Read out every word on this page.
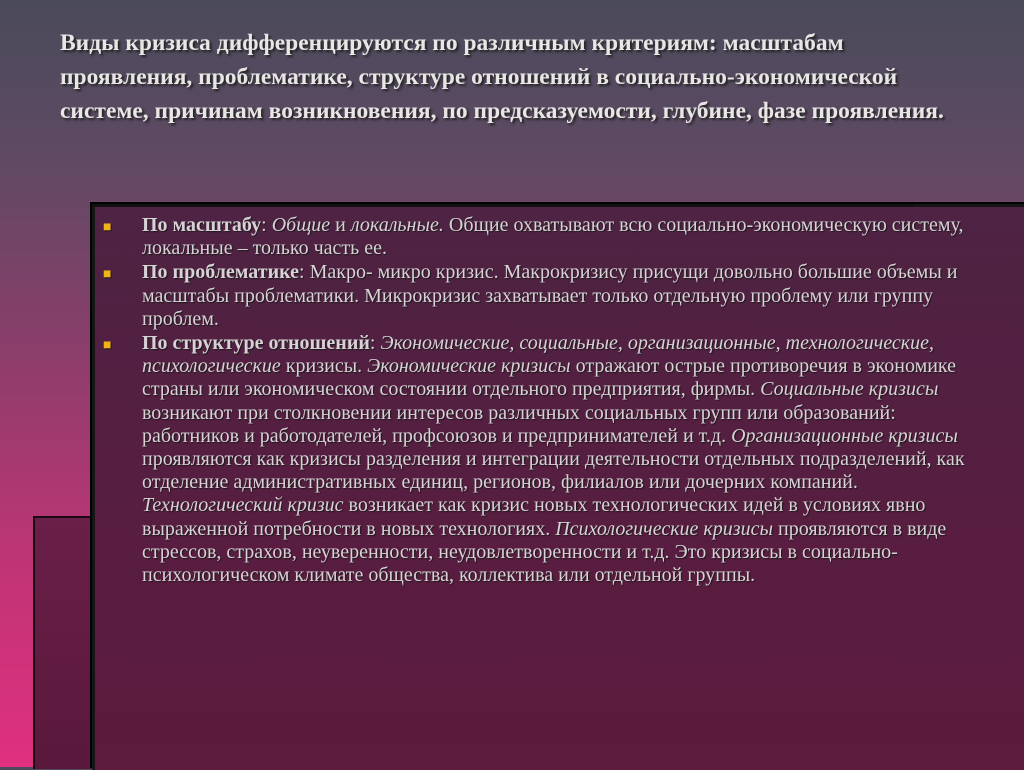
Виды кризиса дифференцируются по различным критериям: масштабам проявления, проблематике, структуре отношений в социально-экономической системе, причинам возникновения, по предсказуемости, глубине, фазе проявления.
■ По масштабу: Общие и локальные. Общие охватывают всю социально-экономическую систему, локальные – только часть ее.
■ По проблематике: Макро- микро кризис. Макрокризису присущи довольно большие объемы и масштабы проблематики. Микрокризис захватывает только отдельную проблему или группу проблем.
■ По структуре отношений: Экономические, социальные, организационные, технологические, психологические кризисы. Экономические кризисы отражают острые противоречия в экономике страны или экономическом состоянии отдельного предприятия, фирмы. Социальные кризисы возникают при столкновении интересов различных социальных групп или образований: работников и работодателей, профсоюзов и предпринимателей и т.д. Организационные кризисы проявляются как кризисы разделения и интеграции деятельности отдельных подразделений, как отделение административных единиц, регионов, филиалов или дочерних компаний. Технологический кризис возникает как кризис новых технологических идей в условиях явно выраженной потребности в новых технологиях. Психологические кризисы проявляются в виде стрессов, страхов, неуверенности, неудовлетворенности и т.д. Это кризисы в социально-психологическом климате общества, коллектива или отдельной группы.
